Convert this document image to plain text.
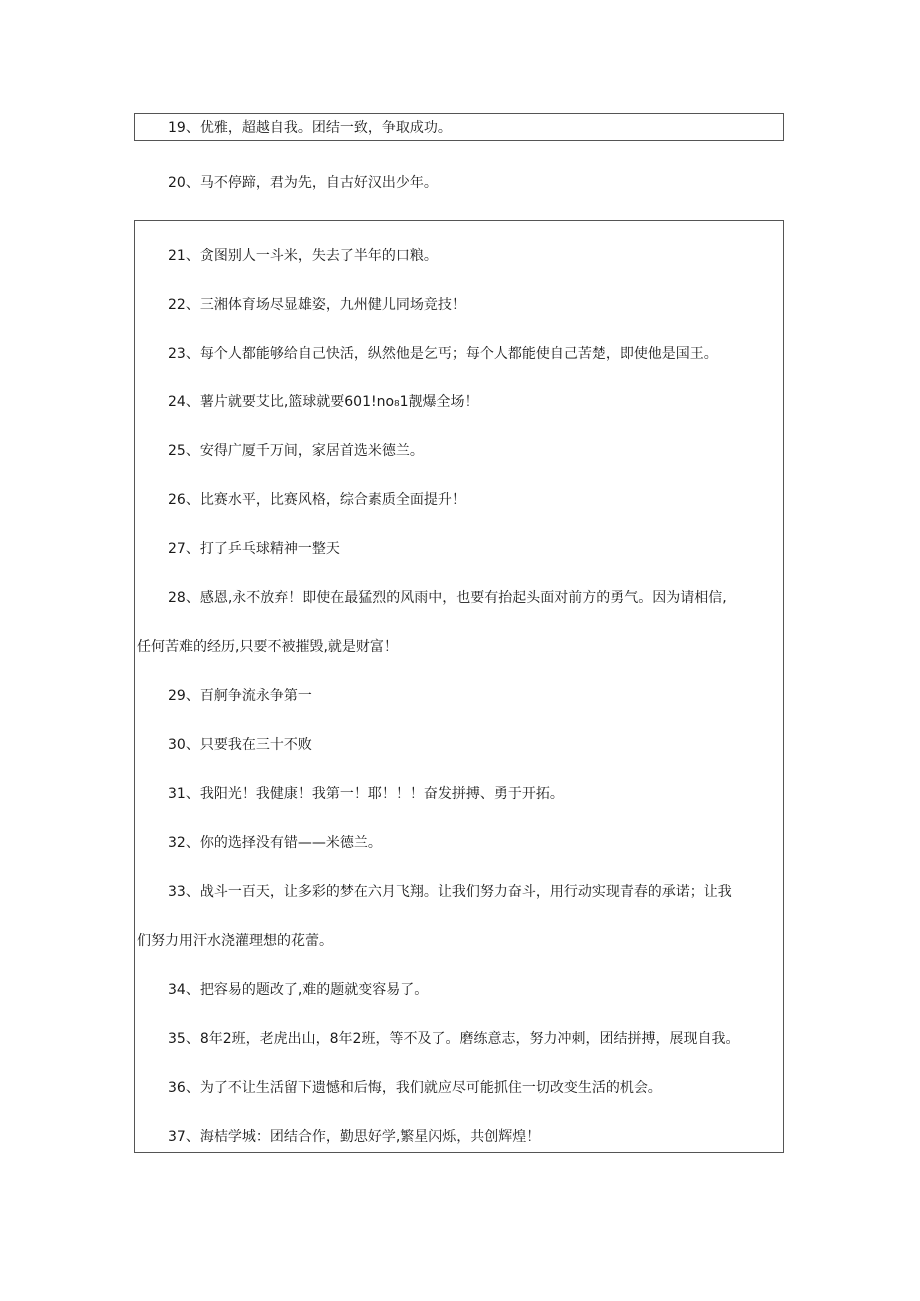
19、优雅，超越自我。团结一致，争取成功。
20、马不停蹄，君为先，自古好汉出少年。
21、贪图别人一斗米，失去了半年的口粮。
22、三湘体育场尽显雄姿，九州健儿同场竞技！
23、每个人都能够给自己快活，纵然他是乞丐；每个人都能使自己苦楚，即使他是国王。
24、薯片就要艾比,篮球就要601!no₈1靓爆全场！
25、安得广厦千万间，家居首选米德兰。
26、比赛水平，比赛风格，综合素质全面提升！
27、打了乒乓球精神一整天
28、感恩,永不放弃！即使在最猛烈的风雨中，也要有抬起头面对前方的勇气。因为请相信,
任何苦难的经历,只要不被摧毁,就是财富！
29、百舸争流永争第一
30、只要我在三十不败
31、我阳光！我健康！我第一！耶！！！奋发拼搏、勇于开拓。
32、你的选择没有错——米德兰。
33、战斗一百天，让多彩的梦在六月飞翔。让我们努力奋斗，用行动实现青春的承诺；让我
们努力用汗水浇灌理想的花蕾。
34、把容易的题改了,难的题就变容易了。
35、8年2班，老虎出山，8年2班，等不及了。磨练意志，努力冲刺，团结拼搏，展现自我。
36、为了不让生活留下遗憾和后悔，我们就应尽可能抓住一切改变生活的机会。
37、海桔学城：团结合作，勤思好学,繁星闪烁，共创辉煌！
